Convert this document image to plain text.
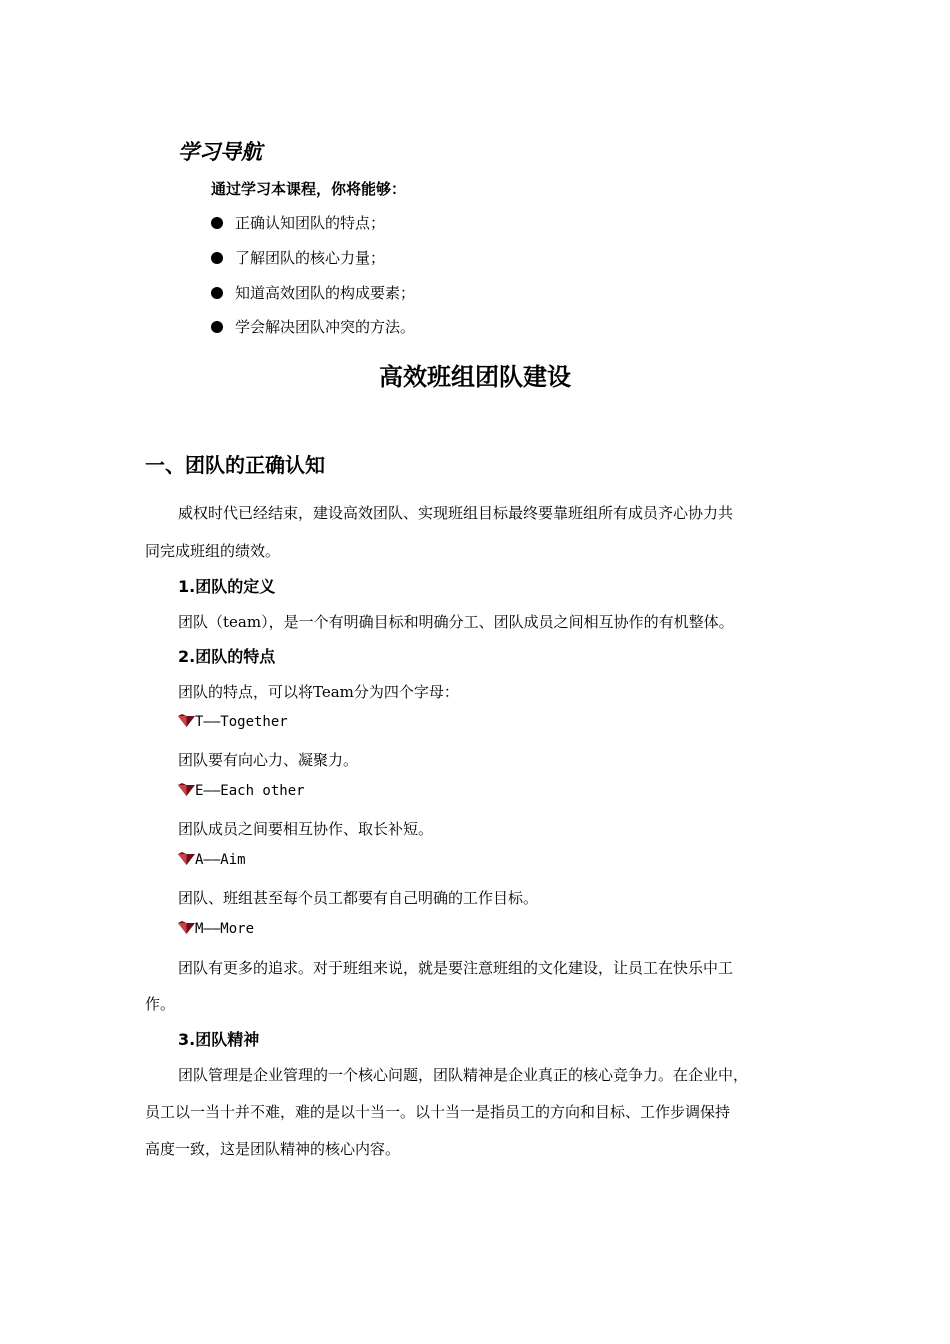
学习导航
通过学习本课程，你将能够：
正确认知团队的特点；
了解团队的核心力量；
知道高效团队的构成要素；
学会解决团队冲突的方法。
高效班组团队建设
一、团队的正确认知
威权时代已经结束，建设高效团队、实现班组目标最终要靠班组所有成员齐心协力共
同完成班组的绩效。
1.团队的定义
团队（team），是一个有明确目标和明确分工、团队成员之间相互协作的有机整体。
2.团队的特点
团队的特点，可以将Team分为四个字母：
T——Together
团队要有向心力、凝聚力。
E——Each other
团队成员之间要相互协作、取长补短。
A——Aim
团队、班组甚至每个员工都要有自己明确的工作目标。
M——More
团队有更多的追求。对于班组来说，就是要注意班组的文化建设，让员工在快乐中工
作。
3.团队精神
团队管理是企业管理的一个核心问题，团队精神是企业真正的核心竞争力。在企业中，
员工以一当十并不难，难的是以十当一。以十当一是指员工的方向和目标、工作步调保持
高度一致，这是团队精神的核心内容。
